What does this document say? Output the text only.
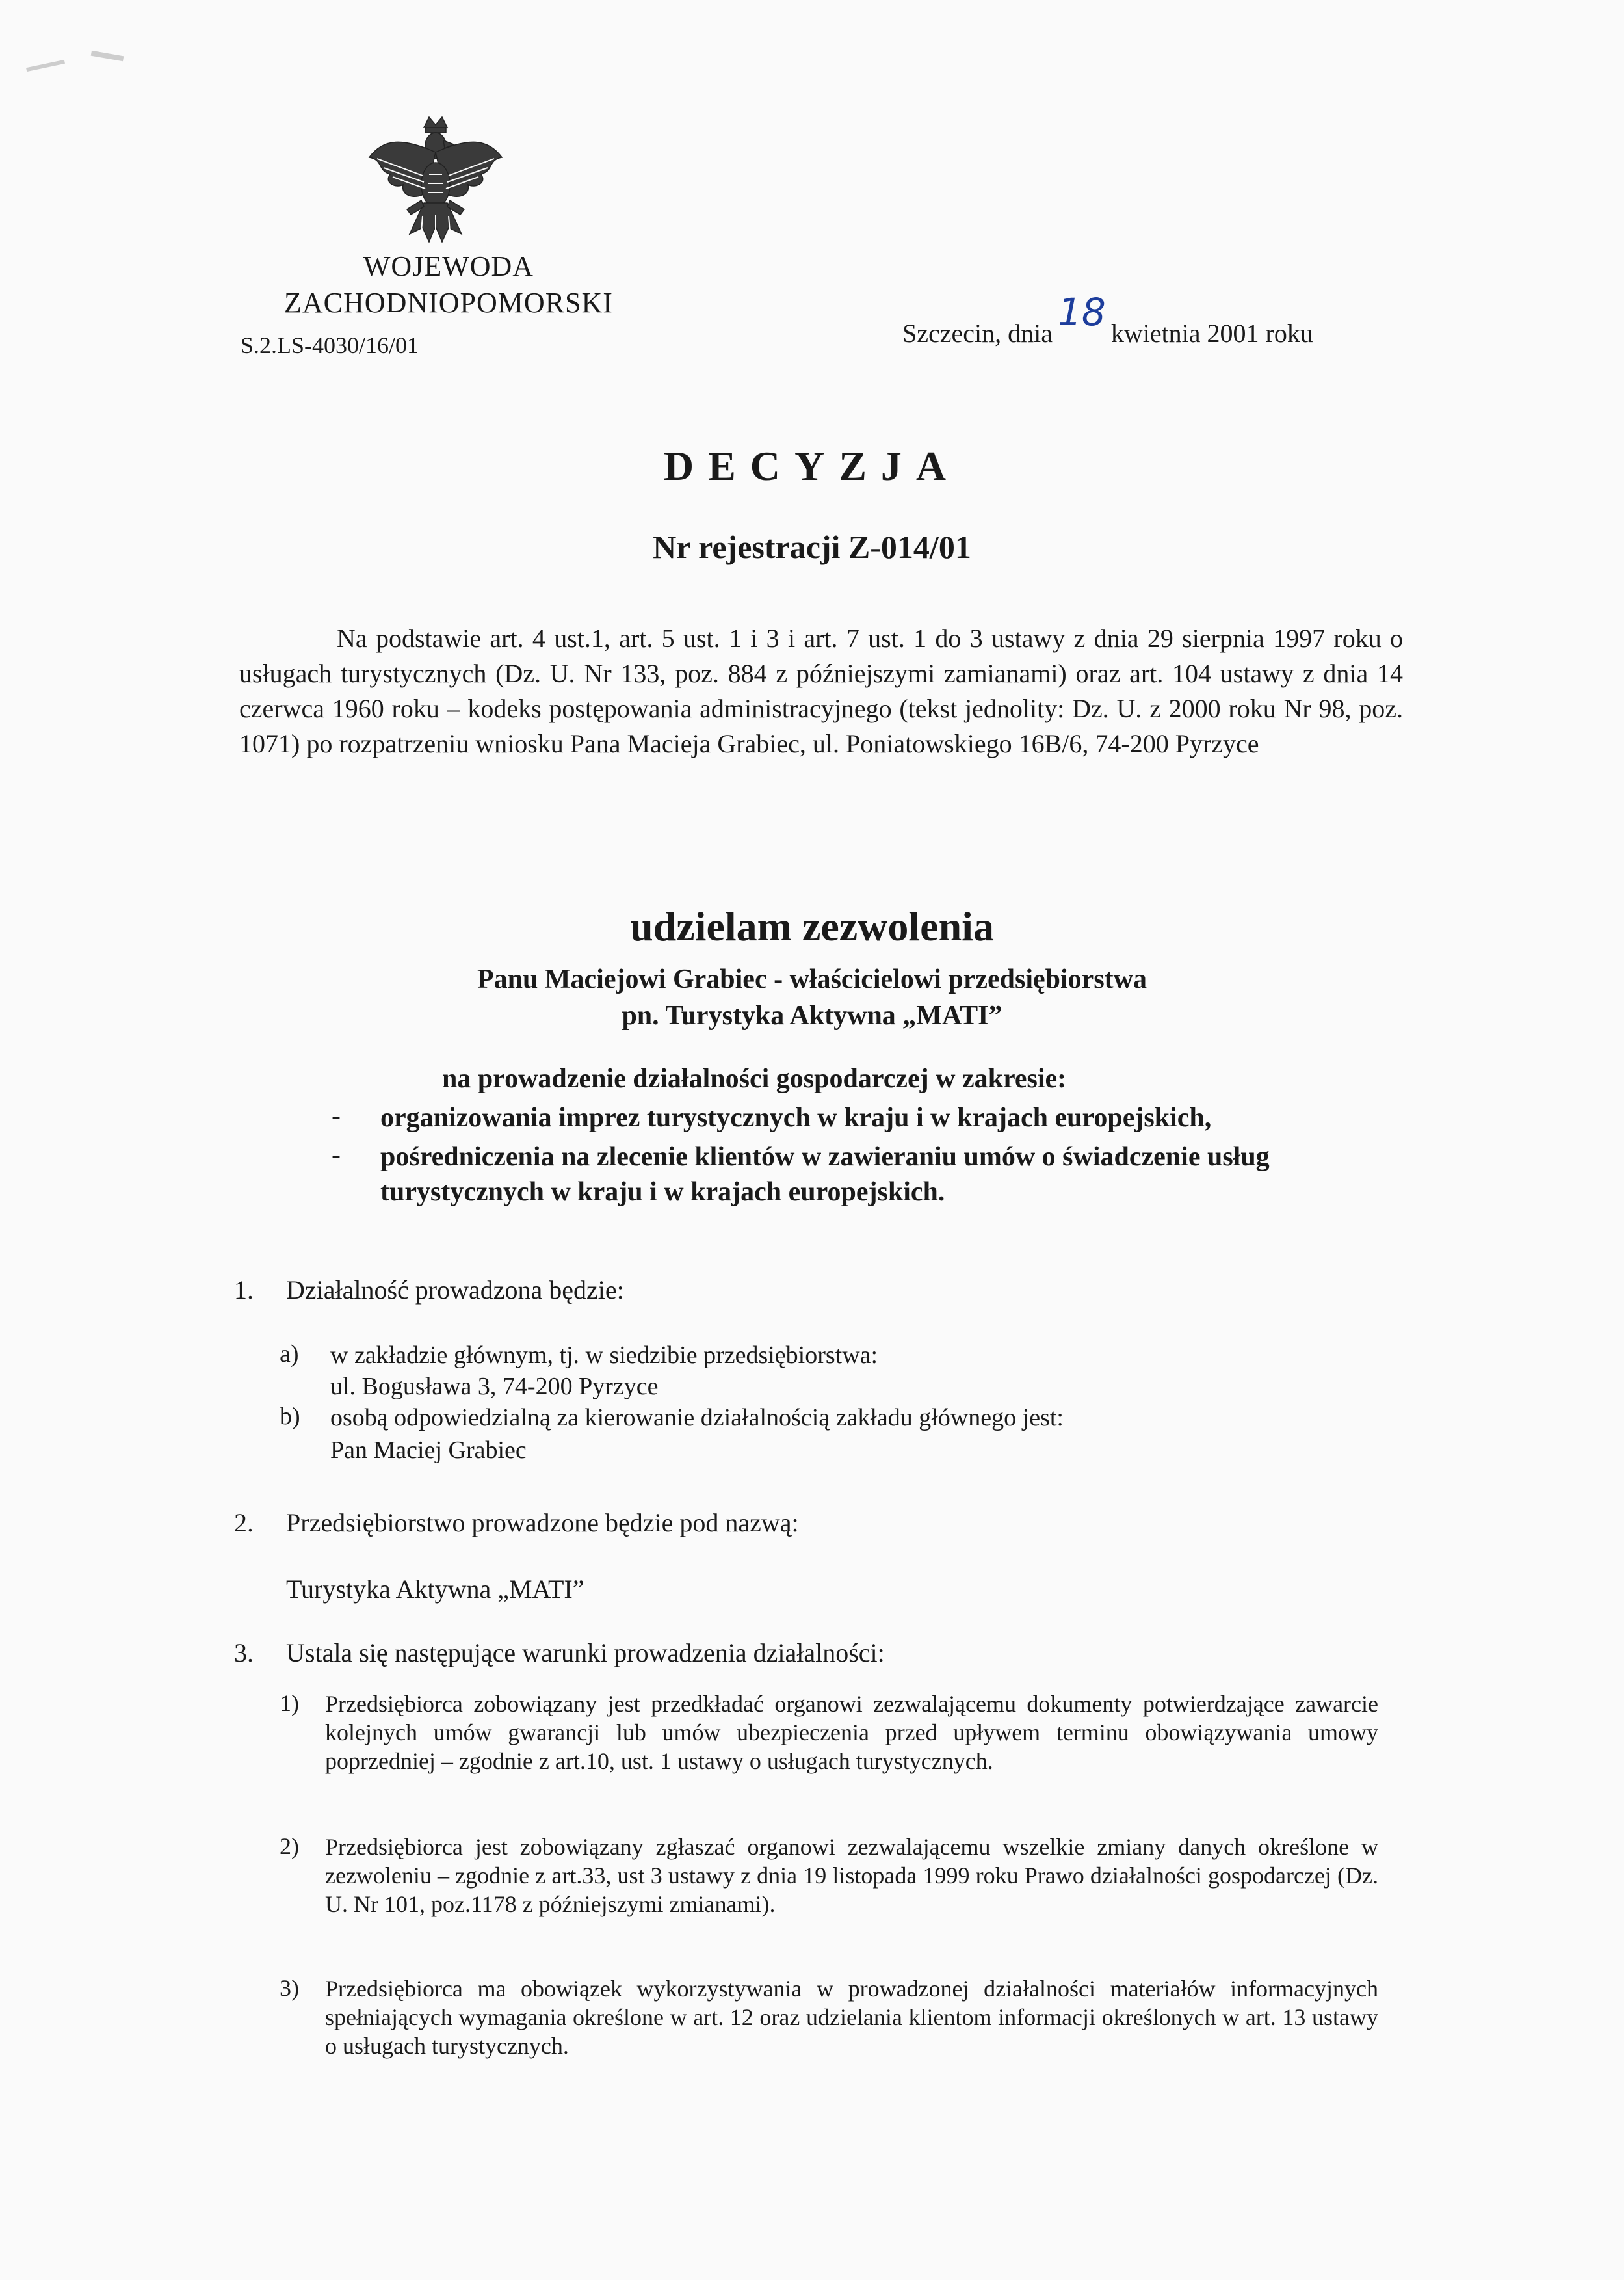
WOJEWODA
ZACHODNIOPOMORSKI
S.2.LS-4030/16/01	Szczecin, dnia 18 kwietnia 2001 roku
DECYZJA
Nr rejestracji Z-014/01
Na podstawie art. 4 ust.1, art. 5 ust. 1 i 3 i art. 7 ust. 1 do 3 ustawy z dnia 29 sierpnia 1997 roku o usługach turystycznych (Dz. U. Nr 133, poz. 884 z późniejszymi zamianami) oraz art. 104 ustawy z dnia 14 czerwca 1960 roku – kodeks postępowania administracyjnego (tekst jednolity: Dz. U. z 2000 roku Nr 98, poz. 1071) po rozpatrzeniu wniosku Pana Macieja Grabiec, ul. Poniatowskiego 16B/6, 74-200 Pyrzyce
udzielam zezwolenia
Panu Maciejowi Grabiec - właścicielowi przedsiębiorstwa
pn. Turystyka Aktywna „MATI”
na prowadzenie działalności gospodarczej w zakresie:
- organizowania imprez turystycznych w kraju i w krajach europejskich,
- pośredniczenia na zlecenie klientów w zawieraniu umów o świadczenie usług turystycznych w kraju i w krajach europejskich.
1. Działalność prowadzona będzie:
a) w zakładzie głównym, tj. w siedzibie przedsiębiorstwa:
ul. Bogusława 3, 74-200 Pyrzyce
b) osobą odpowiedzialną za kierowanie działalnością zakładu głównego jest:
Pan Maciej Grabiec
2. Przedsiębiorstwo prowadzone będzie pod nazwą:
Turystyka Aktywna „MATI”
3. Ustala się następujące warunki prowadzenia działalności:
1) Przedsiębiorca zobowiązany jest przedkładać organowi zezwalającemu dokumenty potwierdzające zawarcie kolejnych umów gwarancji lub umów ubezpieczenia przed upływem terminu obowiązywania umowy poprzedniej – zgodnie z art.10, ust. 1 ustawy o usługach turystycznych.
2) Przedsiębiorca jest zobowiązany zgłaszać organowi zezwalającemu wszelkie zmiany danych określone w zezwoleniu – zgodnie z art.33, ust 3 ustawy z dnia 19 listopada 1999 roku Prawo działalności gospodarczej (Dz. U. Nr 101, poz.1178 z późniejszymi zmianami).
3) Przedsiębiorca ma obowiązek wykorzystywania w prowadzonej działalności materiałów informacyjnych spełniających wymagania określone w art. 12 oraz udzielania klientom informacji określonych w art. 13 ustawy o usługach turystycznych.
